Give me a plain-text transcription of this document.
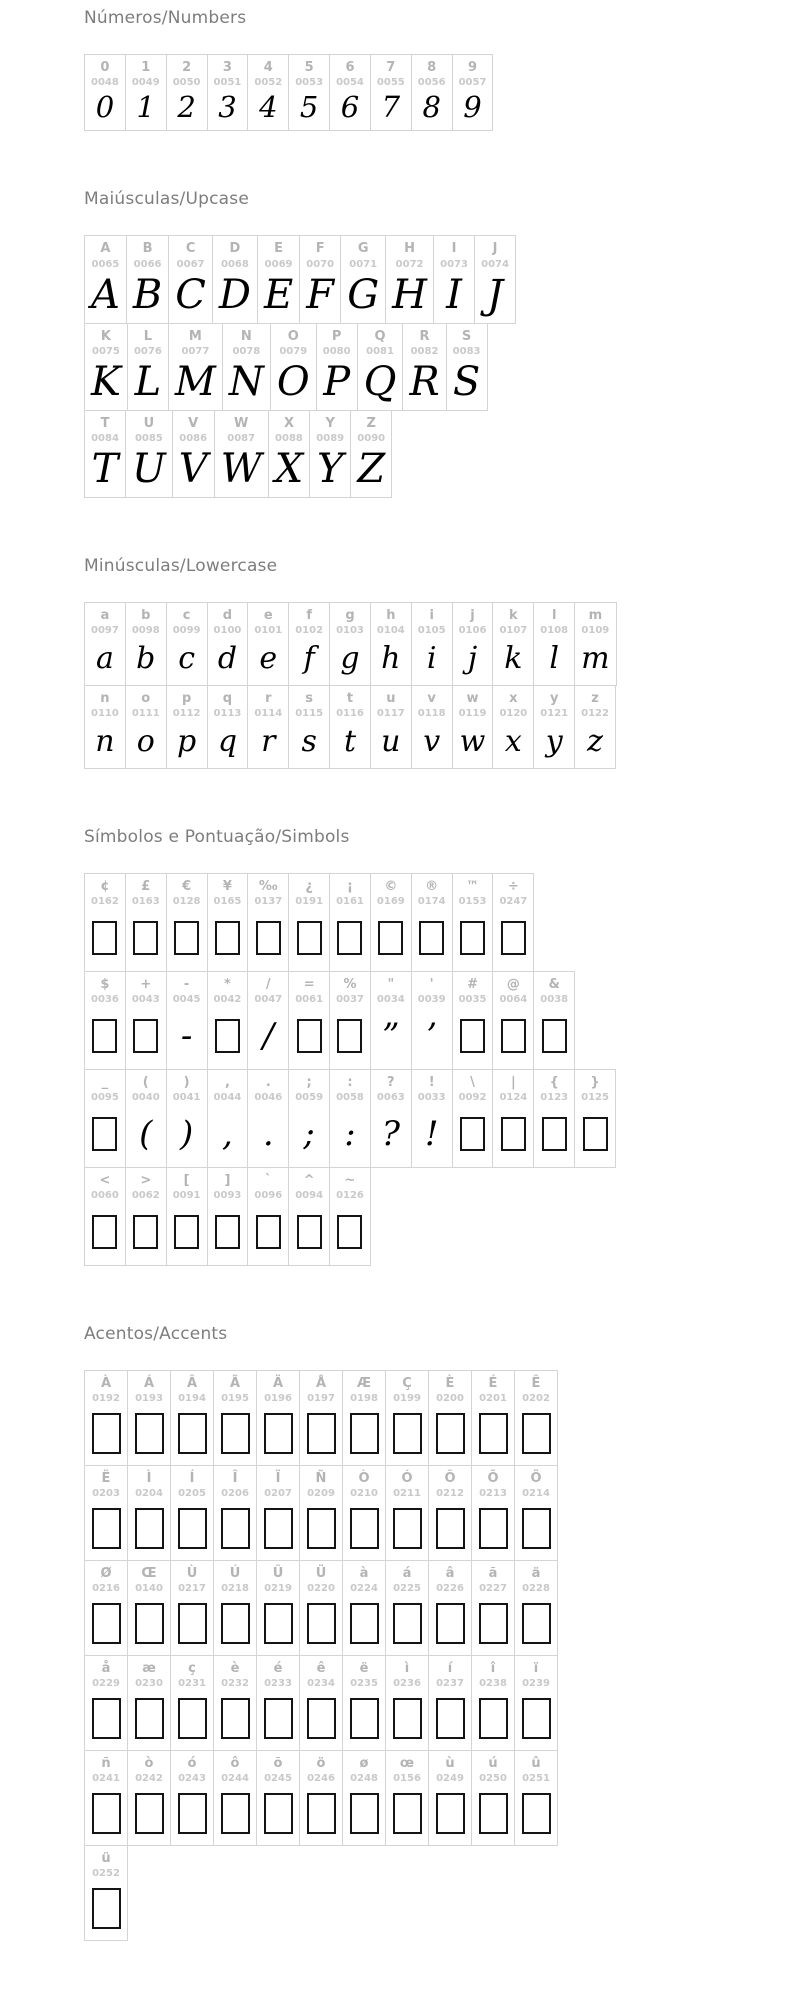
Números/Numbers
0
0048
0
1
0049
1
2
0050
2
3
0051
3
4
0052
4
5
0053
5
6
0054
6
7
0055
7
8
0056
8
9
0057
9
Maiúsculas/Upcase
A
0065
A
B
0066
B
C
0067
C
D
0068
D
E
0069
E
F
0070
F
G
0071
G
H
0072
H
I
0073
I
J
0074
J
K
0075
K
L
0076
L
M
0077
M
N
0078
N
O
0079
O
P
0080
P
Q
0081
Q
R
0082
R
S
0083
S
T
0084
T
U
0085
U
V
0086
V
W
0087
W
X
0088
X
Y
0089
Y
Z
0090
Z
Minúsculas/Lowercase
a
0097
a
b
0098
b
c
0099
c
d
0100
d
e
0101
e
f
0102
f
g
0103
g
h
0104
h
i
0105
i
j
0106
j
k
0107
k
l
0108
l
m
0109
m
n
0110
n
o
0111
o
p
0112
p
q
0113
q
r
0114
r
s
0115
s
t
0116
t
u
0117
u
v
0118
v
w
0119
w
x
0120
x
y
0121
y
z
0122
z
Símbolos e Pontuação/Simbols
¢
0162
£
0163
€
0128
¥
0165
‰
0137
¿
0191
¡
0161
©
0169
®
0174
™
0153
÷
0247
$
0036
+
0043
-
0045
-
*
0042
/
0047
/
=
0061
%
0037
"
0034
”
'
0039
’
#
0035
@
0064
&
0038
_
0095
(
0040
(
)
0041
)
,
0044
,
.
0046
.
;
0059
;
:
0058
:
?
0063
?
!
0033
!
\
0092
|
0124
{
0123
}
0125
<
0060
>
0062
[
0091
]
0093
`
0096
^
0094
~
0126
Acentos/Accents
À
0192
Á
0193
Â
0194
Ã
0195
Ä
0196
Å
0197
Æ
0198
Ç
0199
È
0200
É
0201
Ê
0202
Ë
0203
Ì
0204
Í
0205
Î
0206
Ï
0207
Ñ
0209
Ò
0210
Ó
0211
Ô
0212
Õ
0213
Ö
0214
Ø
0216
Œ
0140
Ù
0217
Ú
0218
Û
0219
Ü
0220
à
0224
á
0225
â
0226
ã
0227
ä
0228
å
0229
æ
0230
ç
0231
è
0232
é
0233
ê
0234
ë
0235
ì
0236
í
0237
î
0238
ï
0239
ñ
0241
ò
0242
ó
0243
ô
0244
õ
0245
ö
0246
ø
0248
œ
0156
ù
0249
ú
0250
û
0251
ü
0252
